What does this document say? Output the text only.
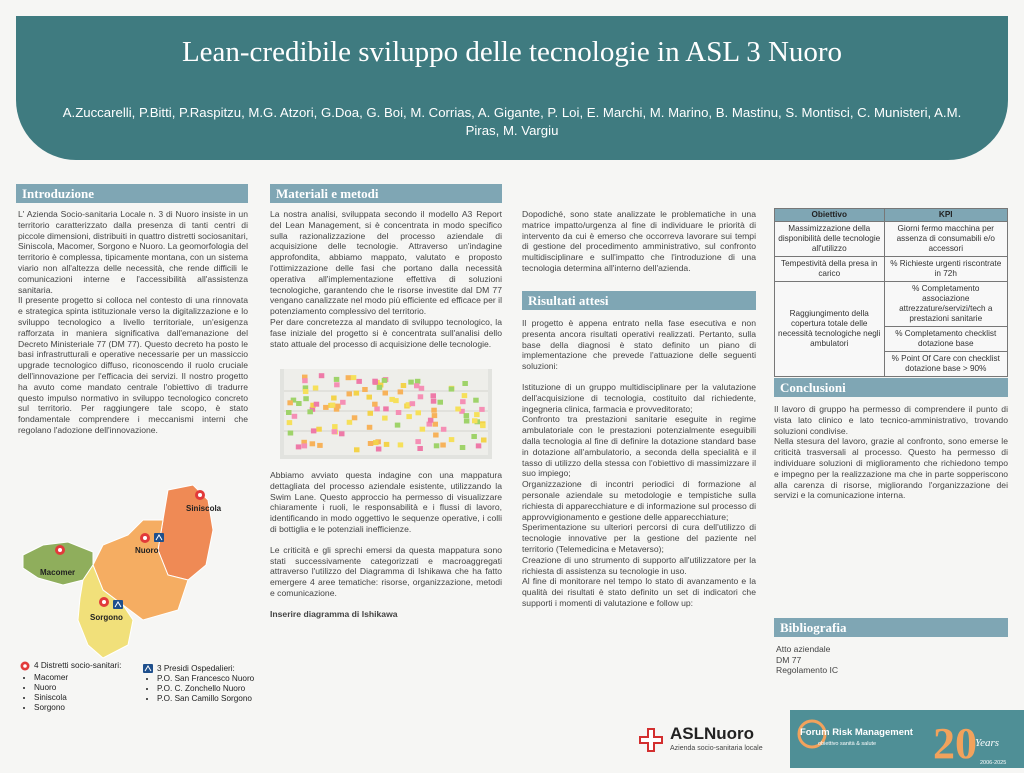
Lean-credibile sviluppo delle tecnologie in ASL 3 Nuoro
A.Zuccarelli, P.Bitti, P.Raspitzu, M.G. Atzori, G.Doa, G. Boi, M. Corrias, A. Gigante, P. Loi, E. Marchi, M. Marino, B. Mastinu, S. Montisci, C. Munisteri, A.M. Piras, M. Vargiu
Introduzione

L' Azienda Socio-sanitaria Locale n. 3 di Nuoro insiste in un territorio caratterizzato dalla presenza di tanti centri di piccole dimensioni, distribuiti in quattro distretti sociosanitari, Siniscola, Macomer, Sorgono e Nuoro. La geomorfologia del territorio è complessa, tipicamente montana, con un sistema viario non all'altezza delle necessità, che rende difficili le comunicazioni interne e l'accessibilità all'assistenza sanitaria.

Il presente progetto si colloca nel contesto di una rinnovata e strategica spinta istituzionale verso la digitalizzazione e lo sviluppo tecnologico a livello territoriale, un'esigenza rafforzata in maniera significativa dall'emanazione del Decreto Ministeriale 77 (DM 77). Questo decreto ha posto le basi infrastrutturali e operative necessarie per un massiccio upgrade tecnologico diffuso, riconoscendo il ruolo cruciale dell'innovazione per l'efficacia dei servizi. Il nostro progetto ha avuto come mandato centrale l'obiettivo di tradurre questo impulso normativo in sviluppo tecnologico concreto sul territorio. Per raggiungere tale scopo, è stato fondamentale comprendere i meccanismi interni che regolano l'adozione dell'innovazione.

Siniscola
Nuoro
Macomer
Sorgono
4 Distretti socio-sanitari:
• Macomer
• Nuoro
• Siniscola
• Sorgono
3 Presidi Ospedalieri:
• P.O. San Francesco Nuoro
• P.O. C. Zonchello Nuoro
• P.O. San Camillo Sorgono
Materiali e metodi

La nostra analisi, sviluppata secondo il modello A3 Report del Lean Management, si è concentrata in modo specifico sulla razionalizzazione del processo aziendale di acquisizione delle tecnologie. Attraverso un'indagine approfondita, abbiamo mappato, valutato e proposto l'ottimizzazione delle fasi che portano dalla necessità operativa all'implementazione effettiva di soluzioni tecnologiche, garantendo che le risorse investite dal DM 77 vengano canalizzate nel modo più efficiente ed efficace per il potenziamento complessivo del territorio.

Per dare concretezza al mandato di sviluppo tecnologico, la fase iniziale del progetto si è concentrata sull'analisi dello stato attuale del processo di acquisizione delle tecnologie.

Abbiamo avviato questa indagine con una mappatura dettagliata del processo aziendale esistente, utilizzando la Swim Lane. Questo approccio ha permesso di visualizzare chiaramente i ruoli, le responsabilità e i flussi di lavoro, identificando in modo oggettivo le sequenze operative, i colli di bottiglia e le potenziali inefficienze.

Le criticità e gli sprechi emersi da questa mappatura sono stati successivamente categorizzati e macroaggregati attraverso l'utilizzo del Diagramma di Ishikawa che ha fatto emergere 4 aree tematiche: risorse, organizzazione, metodi e comunicazione.

Inserire diagramma di Ishikawa

Dopodiché, sono state analizzate le problematiche in una matrice impatto/urgenza al fine di individuare le priorità di intervento da cui è emerso che occorreva lavorare sui tempi di gestione del procedimento amministrativo, sul confronto multidisciplinare e sull'impatto che l'introduzione di una tecnologia determina all'interno dell'azienda.

Risultati attesi

Il progetto è appena entrato nella fase esecutiva e non presenta ancora risultati operativi realizzati. Pertanto, sulla base della diagnosi è stato definito un piano di implementazione che prevede l'attuazione delle seguenti soluzioni:

Istituzione di un gruppo multidisciplinare per la valutazione dell'acquisizione di tecnologia, costituito dal richiedente, ingegneria clinica, farmacia e provveditorato;

Confronto tra prestazioni sanitarie eseguite in regime ambulatoriale con le prestazioni potenzialmente eseguibili dalla tecnologia al fine di definire la dotazione standard base in dotazione all'ambulatorio, a seconda della specialità e il tasso di utilizzo della stessa con l'obiettivo di massimizzare il suo impiego;

Organizzazione di incontri periodici di formazione al personale aziendale su metodologie e tempistiche sulla richiesta di apparecchiature e di informazione sul processo di approvvigionamento e gestione delle apparecchiature;

Sperimentazione su ulteriori percorsi di cura dell'utilizzo di tecnologie innovative per la gestione del paziente nel territorio (Telemedicina e Metaverso);

Creazione di uno strumento di supporto all'utilizzatore per la richiesta di assistenza su tecnologie in uso.

Al fine di monitorare nel tempo lo stato di avanzamento e la qualità dei risultati è stato definito un set di indicatori che supporti i momenti di valutazione e follow up:

Obiettivo	KPI
Massimizzazione della disponibilità delle tecnologie all'utilizzo	Giorni fermo macchina per assenza di consumabili e/o accessori
Tempestività della presa in carico	% Richieste urgenti riscontrate in 72h
Raggiungimento della copertura totale delle necessità tecnologiche negli ambulatori	% Completamento associazione attrezzature/servizi/tech a prestazioni sanitarie
	% Completamento checklist dotazione base
	% Point Of Care con checklist dotazione base > 90%
Conclusioni

Il lavoro di gruppo ha permesso di comprendere il punto di vista lato clinico e lato tecnico-amministrativo, trovando soluzioni condivise.

Nella stesura del lavoro, grazie al confronto, sono emerse le criticità trasversali al processo. Questo ha permesso di individuare soluzioni di miglioramento che richiedono tempo e impegno per la realizzazione ma che in parte sopperiscono alla carenza di risorse, migliorando l'organizzazione dei servizi e la comunicazione interna.

Bibliografia
Atto aziendale
DM 77
Regolamento IC
ASLNuoro
Azienda socio-sanitaria locale	20 2006-2025
Forum Risk Management
obiettivo sanità & salute	Years
